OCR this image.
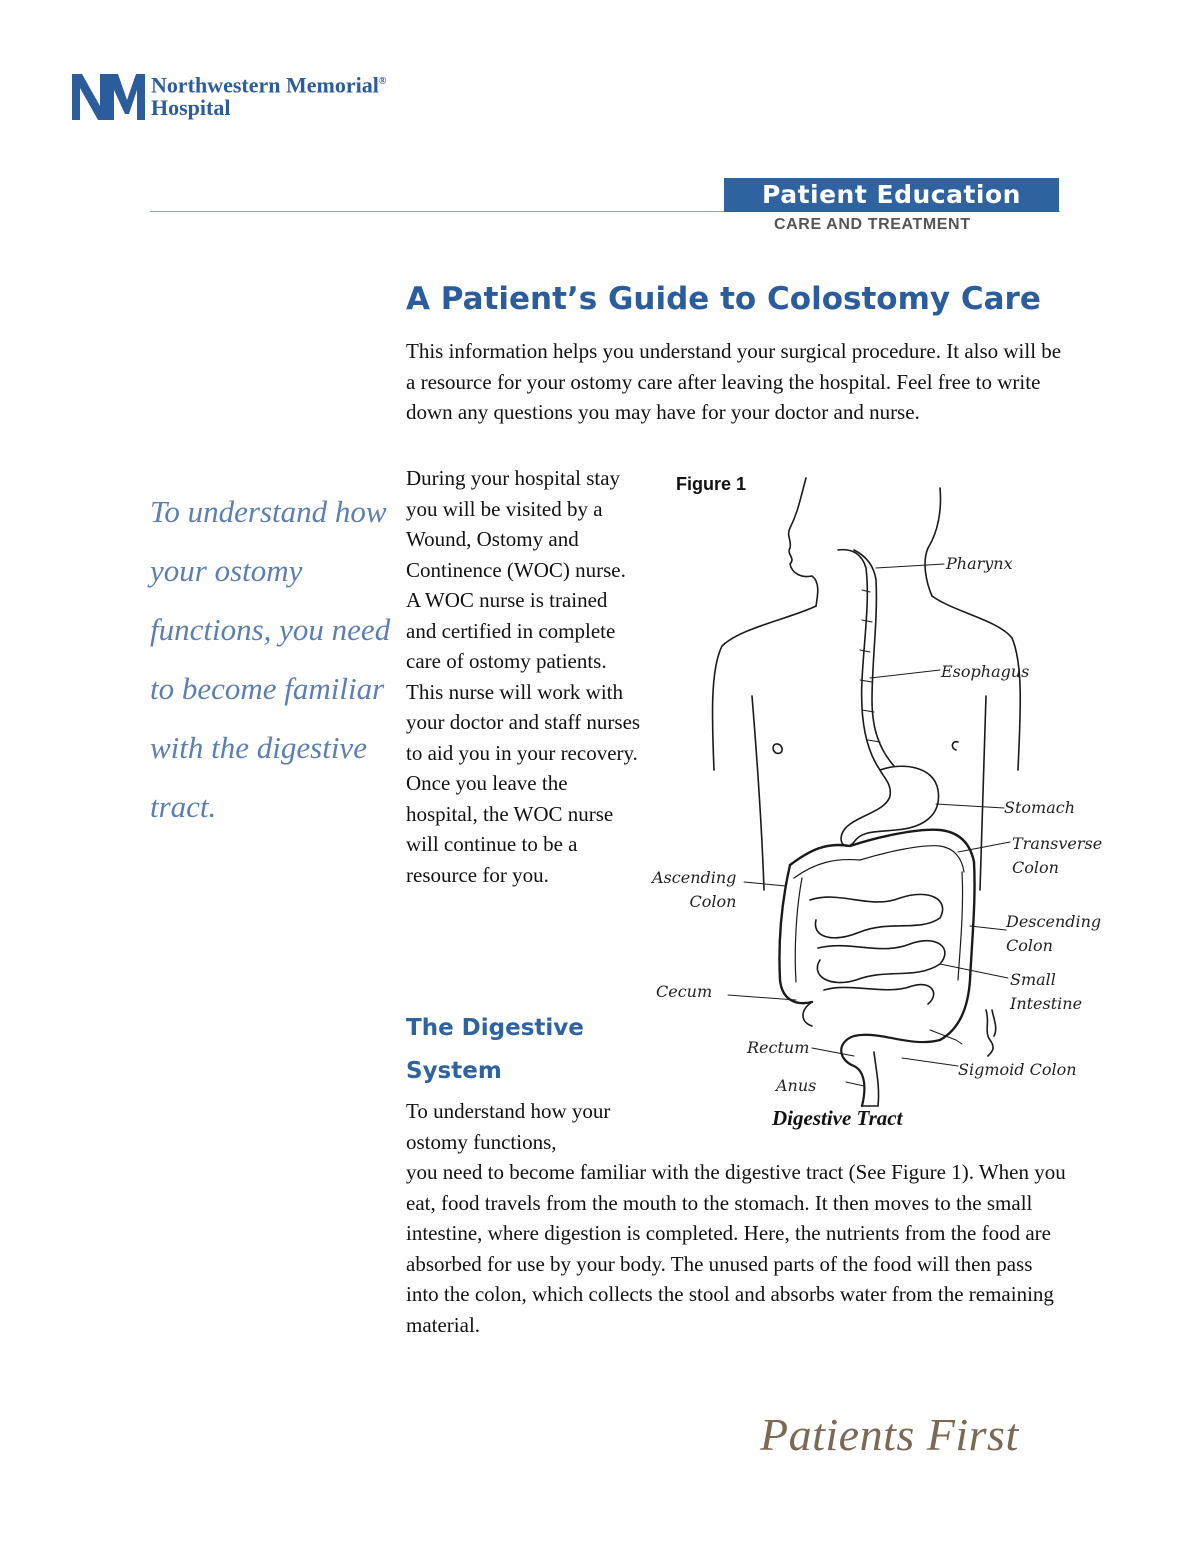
Northwestern Memorial®
Hospital
Patient Education
CARE AND TREATMENT
A Patient’s Guide to Colostomy Care
This information helps you understand your surgical procedure. It also will be a resource for your ostomy care after leaving the hospital. Feel free to write down any questions you may have for your doctor and nurse.
To understand how your ostomy functions, you need to become familiar with the digestive tract.
During your hospital stay you will be visited by a Wound, Ostomy and Continence (WOC) nurse. A WOC nurse is trained and certified in complete care of ostomy patients. This nurse will work with your doctor and staff nurses to aid you in your recovery. Once you leave the hospital, the WOC nurse will continue to be a resource for you.
The Digestive
System
To understand how your ostomy functions,
you need to become familiar with the digestive tract (See Figure 1). When you eat, food travels from the mouth to the stomach. It then moves to the small intestine, where digestion is completed. Here, the nutrients from the food are absorbed for use by your body. The unused parts of the food will then pass into the colon, which collects the stool and absorbs water from the remaining material.
Figure 1
Pharynx
Esophagus
Stomach
Transverse
Colon
Descending
Colon
Small
Intestine
Sigmoid Colon
Ascending
Colon
Cecum
Rectum
Anus
Digestive Tract
Patients First
